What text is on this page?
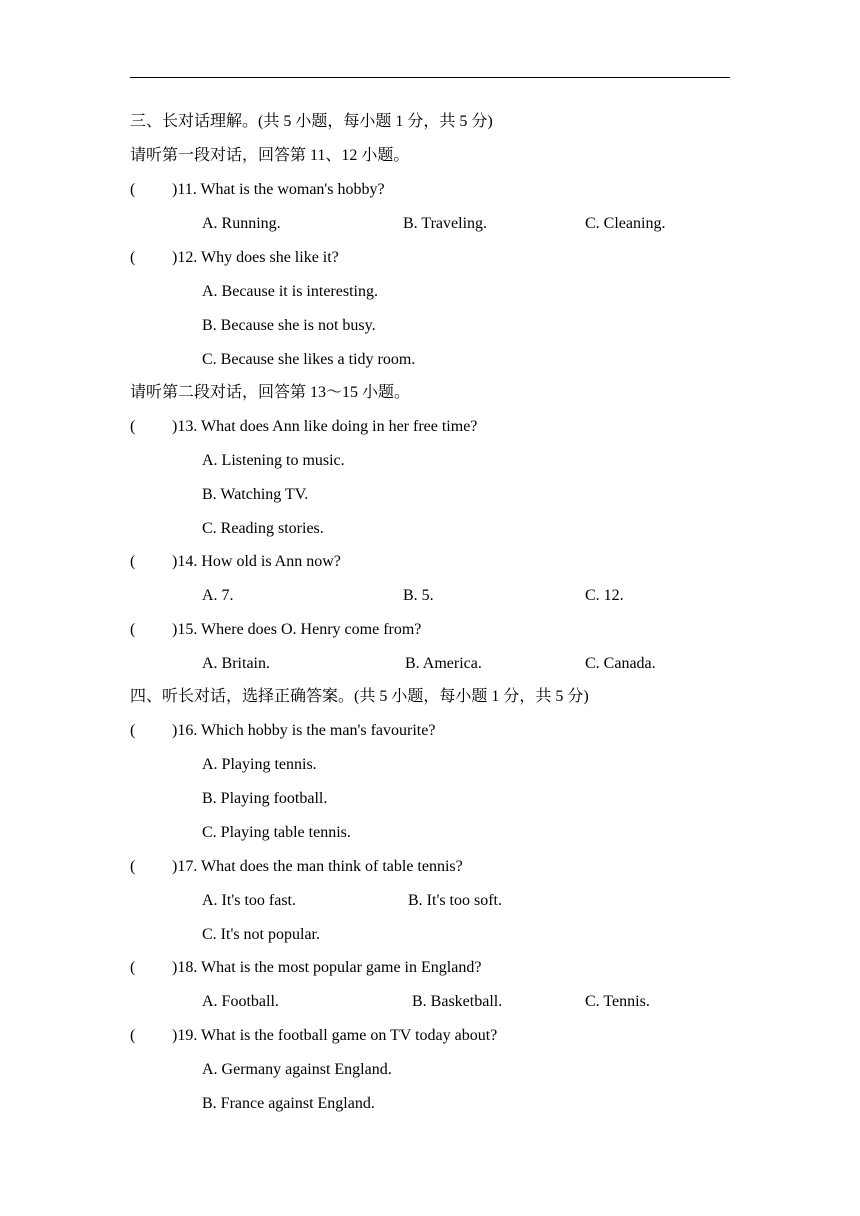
三、长对话理解。(共 5 小题，每小题 1 分，共 5 分)
请听第一段对话，回答第 11、12 小题。
( )11. What is the woman's hobby?
A. Running.	B. Traveling.	C. Cleaning.
( )12. Why does she like it?
A. Because it is interesting.
B. Because she is not busy.
C. Because she likes a tidy room.
请听第二段对话，回答第 13～15 小题。
( )13. What does Ann like doing in her free time?
A. Listening to music.
B. Watching TV.
C. Reading stories.
( )14. How old is Ann now?
A. 7.	B. 5.	C. 12.
( )15. Where does O. Henry come from?
A. Britain.	B. America.	C. Canada.
四、听长对话，选择正确答案。(共 5 小题，每小题 1 分，共 5 分)
( )16. Which hobby is the man's favourite?
A. Playing tennis.
B. Playing football.
C. Playing table tennis.
( )17. What does the man think of table tennis?
A. It's too fast.	B. It's too soft.
C. It's not popular.
( )18. What is the most popular game in England?
A. Football.	B. Basketball.	C. Tennis.
( )19. What is the football game on TV today about?
A. Germany against England.
B. France against England.
